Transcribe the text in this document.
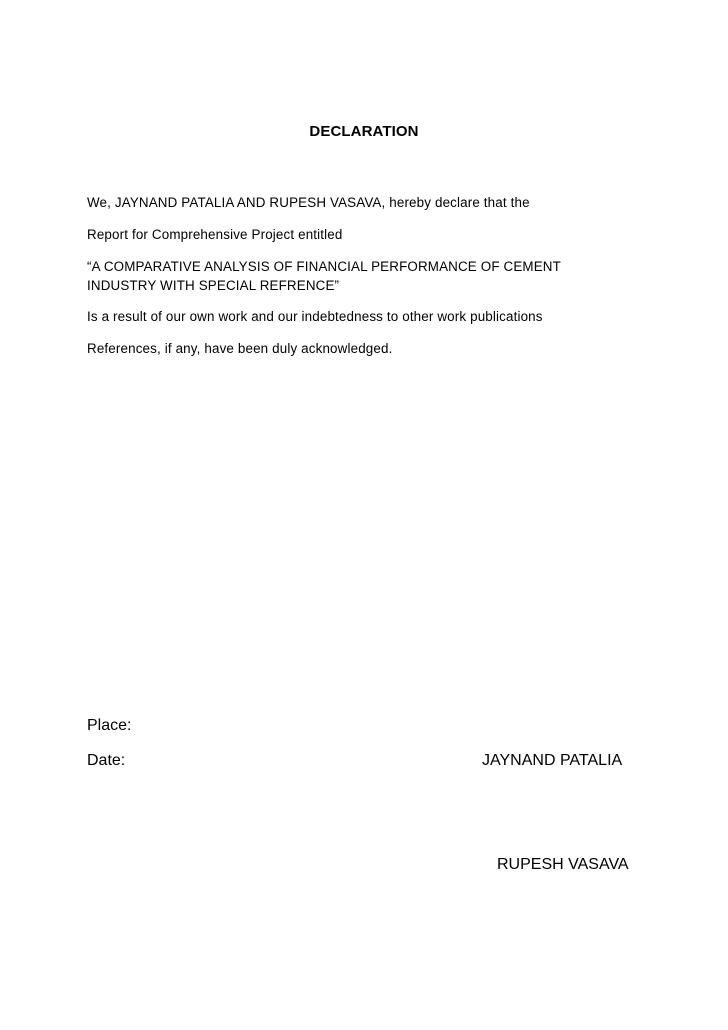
DECLARATION
We, JAYNAND PATALIA AND RUPESH VASAVA, hereby declare that the
Report for Comprehensive Project entitled
“A COMPARATIVE ANALYSIS OF FINANCIAL PERFORMANCE OF CEMENT
INDUSTRY WITH SPECIAL REFRENCE”
Is a result of our own work and our indebtedness to other work publications
References, if any, have been duly acknowledged.
Place:
Date:	JAYNAND PATALIA
RUPESH VASAVA
